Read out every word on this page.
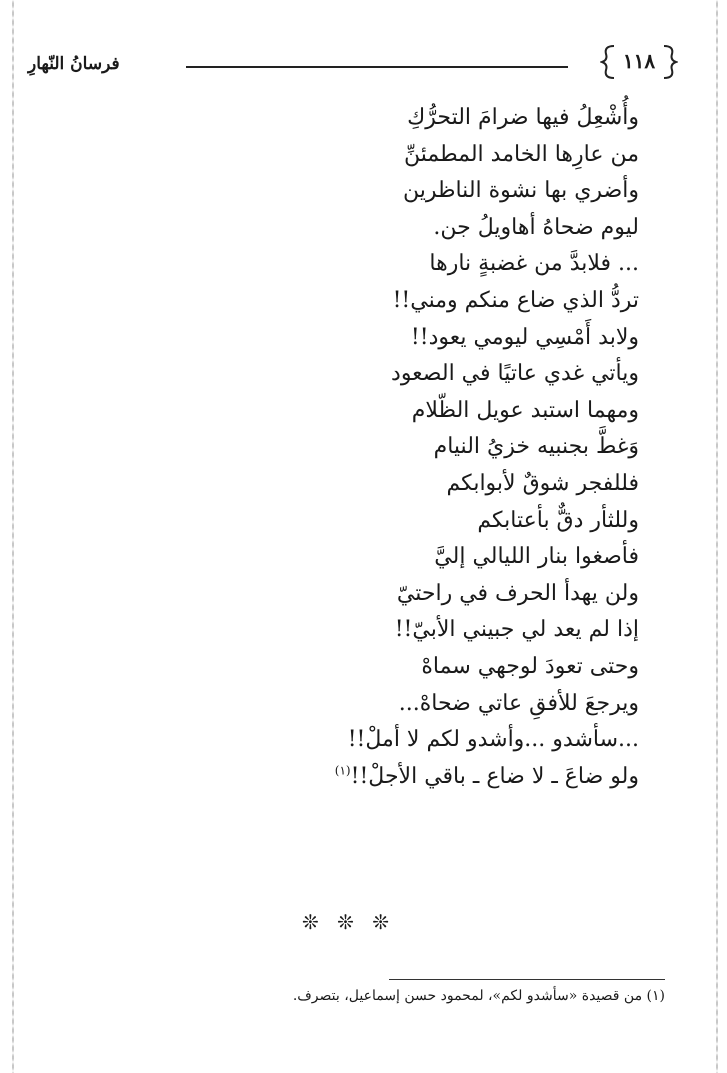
فرسانُ النّهارِ	١١٨
وأُشْعِلُ فيها ضرامَ التحرُّكِ
من عارِها الخامد المطمئنِّ
وأضري بها نشوة الناظرين
ليوم ضحاهُ أهاويلُ جن.
... فلابدَّ من غضبةٍ نارها
تردُّ الذي ضاع منكم ومني!!
ولابد أَمْسِي ليومي يعود!!
ويأتي غدي عاتيًا في الصعود
ومهما استبد عويل الظّلام
وَغطَّ بجنبيه خزيُ النيام
فللفجر شوقٌ لأبوابكم
وللثأر دقٌّ بأعتابكم
فأصغوا بنار الليالي إليَّ
ولن يهدأ الحرف في راحتيّ
إذا لم يعد لي جبيني الأبيّ!!
وحتى تعودَ لوجهي سماهْ
ويرجعَ للأفقِ عاتي ضحاهْ...
...سأشدو ...وأشدو لكم لا أملْ!!
ولو ضاعَ ـ لا ضاع ـ باقي الأجلْ!!$^{(١)}$
❊ ❊ ❊
(١) من قصيدة «سأشدو لكم»، لمحمود حسن إسماعيل، بتصرف.
